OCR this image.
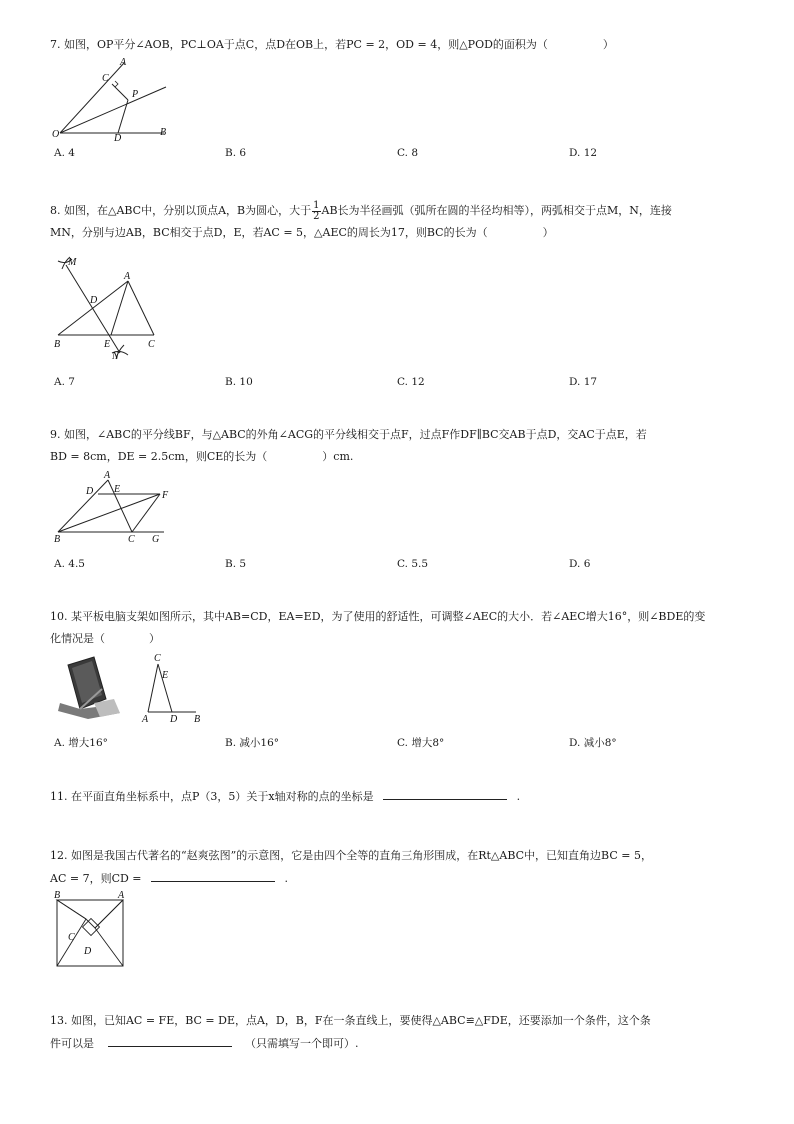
7. 如图，OP平分∠AOB，PC⊥OA于点C，点D在OB上，若PC = 2，OD = 4，则△POD的面积为（　　　　　）
O
A
B
C
D
P
A. 4	B. 6	C. 8	D. 12
8. 如图，在△ABC中，分别以顶点A，B为圆心，大于 $\frac{1}{2}$ AB长为半径画弧（弧所在圆的半径均相等），两弧相交于点M，N，连接
MN，分别与边AB，BC相交于点D，E，若AC = 5，△AEC的周长为17，则BC的长为（　　　　　）
M
A
D
B	E	C
N
A. 7	B. 10	C. 12	D. 17
9. 如图，∠ABC的平分线BF，与△ABC的外角∠ACG的平分线相交于点F，过点F作DF∥BC交AB于点D，交AC于点E，若
BD = 8cm，DE = 2.5cm，则CE的长为（　　　　　）cm.
A
D E
F
B	C G
A. 4.5	B. 5	C. 5.5	D. 6
10. 某平板电脑支架如图所示，其中AB=CD，EA=ED，为了使用的舒适性，可调整∠AEC的大小．若∠AEC增大16°，则∠BDE的变
化情况是（　　　　）
C
E
A D B
A. 增大16°	B. 减小16°	C. 增大8°	D. 减小8°
11. 在平面直角坐标系中，点P（3，5）关于x轴对称的点的坐标是	.
12. 如图是我国古代著名的“赵爽弦图”的示意图，它是由四个全等的直角三角形围成，在Rt△ABC中，已知直角边BC = 5，
AC = 7，则CD =	.
B	A
C
D
13. 如图，已知AC = FE，BC = DE，点A，D，B，F在一条直线上，要使得△ABC≌△FDE，还要添加一个条件，这个条
件可以是	（只需填写一个即可）.
